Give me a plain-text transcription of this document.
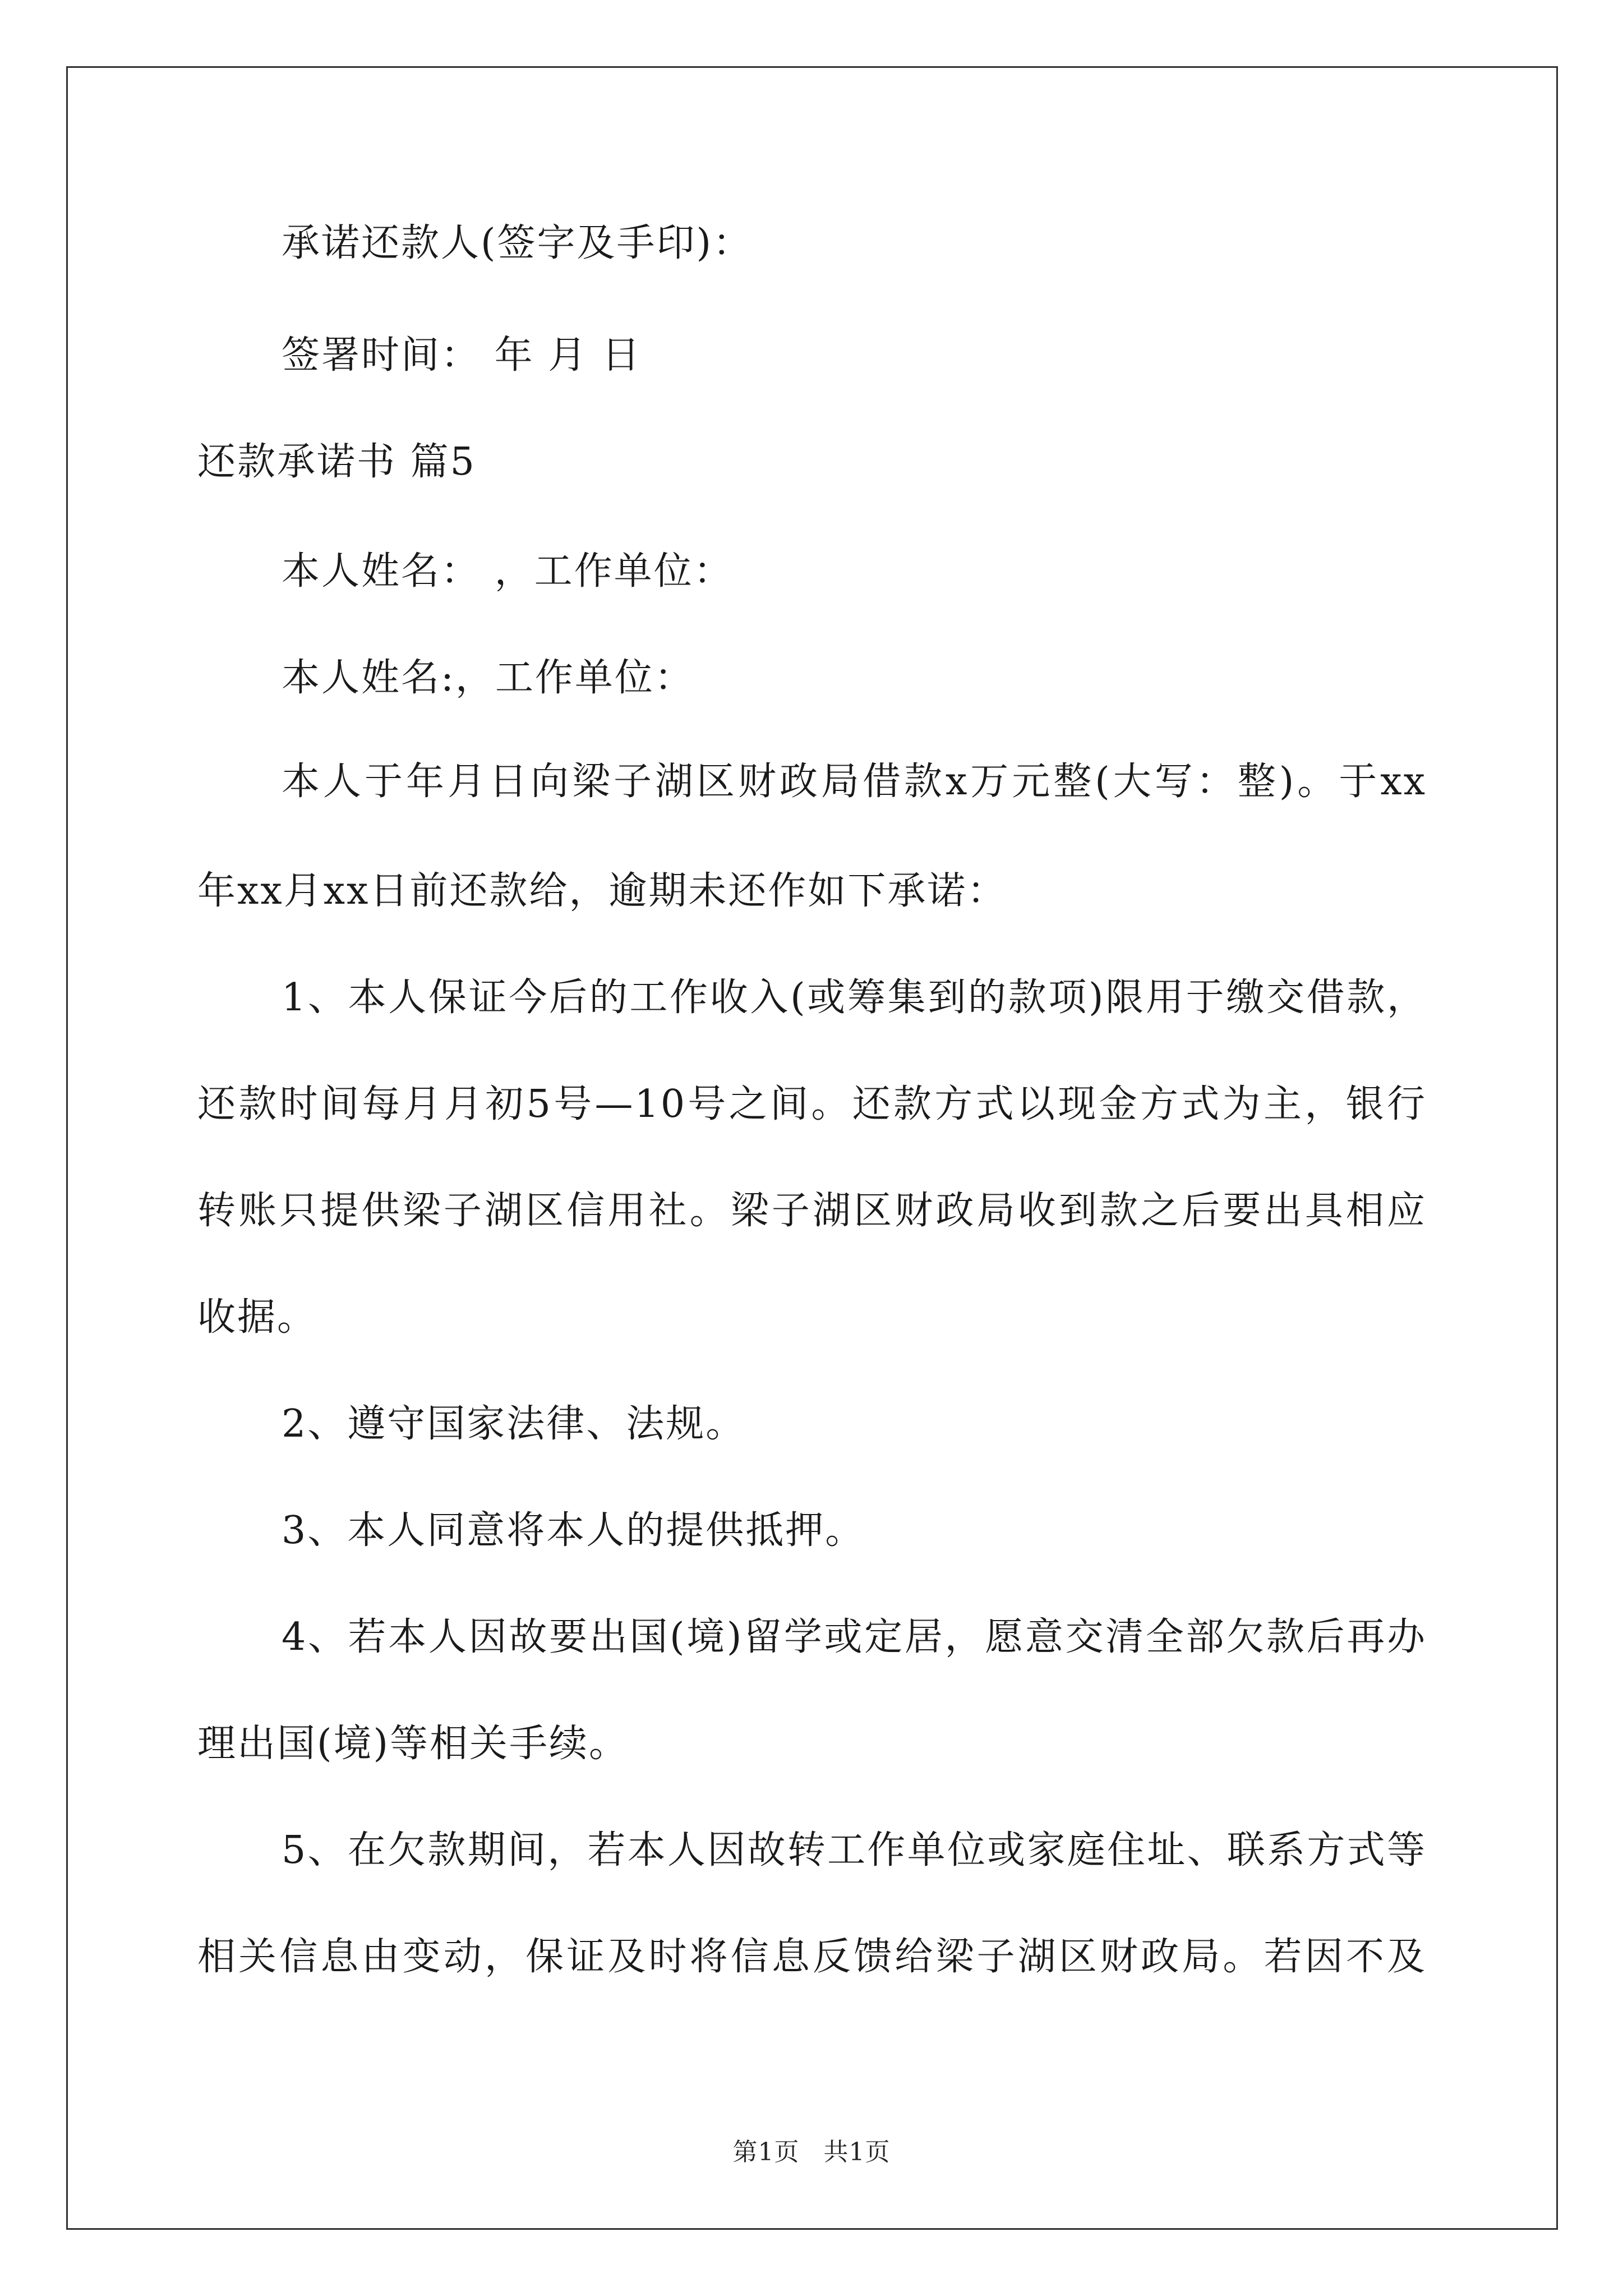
承诺还款人(签字及手印)：
签署时间： 年 月 日
还款承诺书 篇5
本人姓名： ，工作单位：
本人姓名:，工作单位：
本人于年月日向梁子湖区财政局借款x万元整(大写：整)。于xx
年xx月xx日前还款给，逾期未还作如下承诺：
1、本人保证今后的工作收入(或筹集到的款项)限用于缴交借款，
还款时间每月月初5号—10号之间。还款方式以现金方式为主，银行
转账只提供梁子湖区信用社。梁子湖区财政局收到款之后要出具相应
收据。
2、遵守国家法律、法规。
3、本人同意将本人的提供抵押。
4、若本人因故要出国(境)留学或定居，愿意交清全部欠款后再办
理出国(境)等相关手续。
5、在欠款期间，若本人因故转工作单位或家庭住址、联系方式等
相关信息由变动，保证及时将信息反馈给梁子湖区财政局。若因不及
第1页 共1页
